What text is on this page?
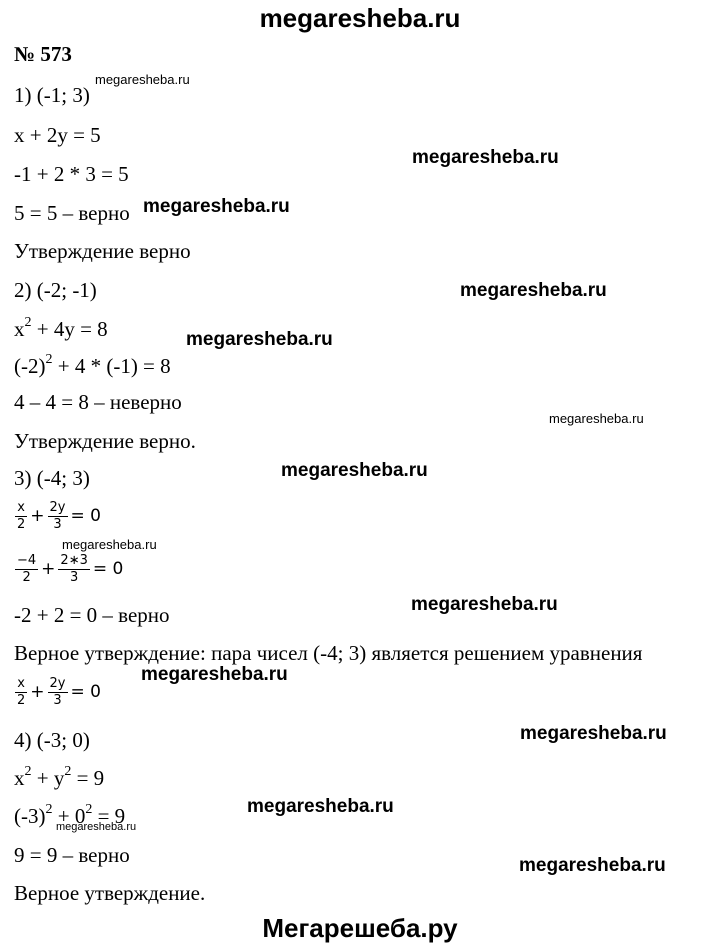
megaresheba.ru
№ 573
1) (-1; 3)
x + 2y = 5
-1 + 2 * 3 = 5
5 = 5 – верно
Утверждение верно
2) (-2; -1)
$x^2 + 4y = 8$
$(-2)^2 + 4 * (-1) = 8$
4 – 4 = 8 – неверно
Утверждение верно.
3) (-4; 3)
$\frac{x}{2} + \frac{2y}{3} = 0$
$\frac{-4}{2} + \frac{2∗3}{3} = 0$
-2 + 2 = 0 – верно
Верное утверждение: пара чисел (-4; 3) является решением уравнения
$\frac{x}{2} + \frac{2y}{3} = 0$
4) (-3; 0)
$x^2 + y^2 = 9$
$(-3)^2 + 0^2 = 9$
9 = 9 – верно
Верное утверждение.
megaresheba.ru
megaresheba.ru
megaresheba.ru
megaresheba.ru
megaresheba.ru
megaresheba.ru
megaresheba.ru
megaresheba.ru
megaresheba.ru
megaresheba.ru
megaresheba.ru
megaresheba.ru
megaresheba.ru
megaresheba.ru
Мегарешеба.ру
